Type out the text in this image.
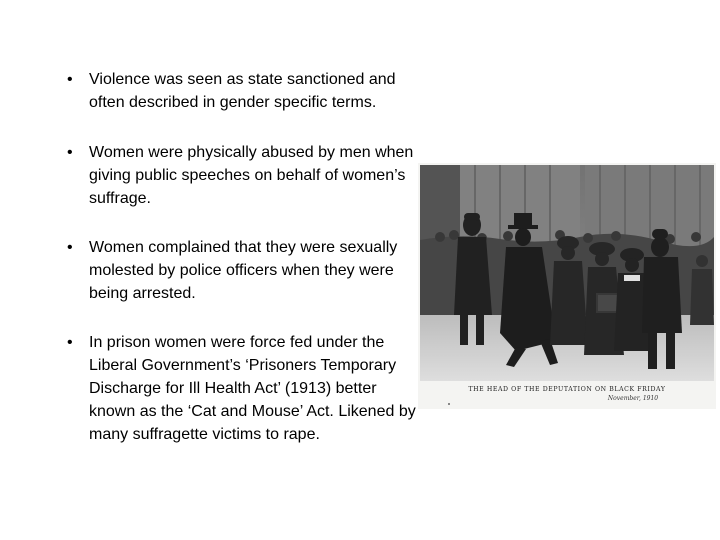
• Violence was seen as state sanctioned and often described in gender specific terms.
• Women were physically abused by men when giving public speeches on behalf of women’s suffrage.
• Women complained that they were sexually molested by police officers when they were being arrested.
• In prison women were force fed under the Liberal Government’s ‘Prisoners Temporary Discharge for Ill Health Act’ (1913) better known as the ‘Cat and Mouse’ Act. Likened by many suffragette victims to rape.
THE HEAD OF THE DEPUTATION ON BLACK FRIDAY
November, 1910
